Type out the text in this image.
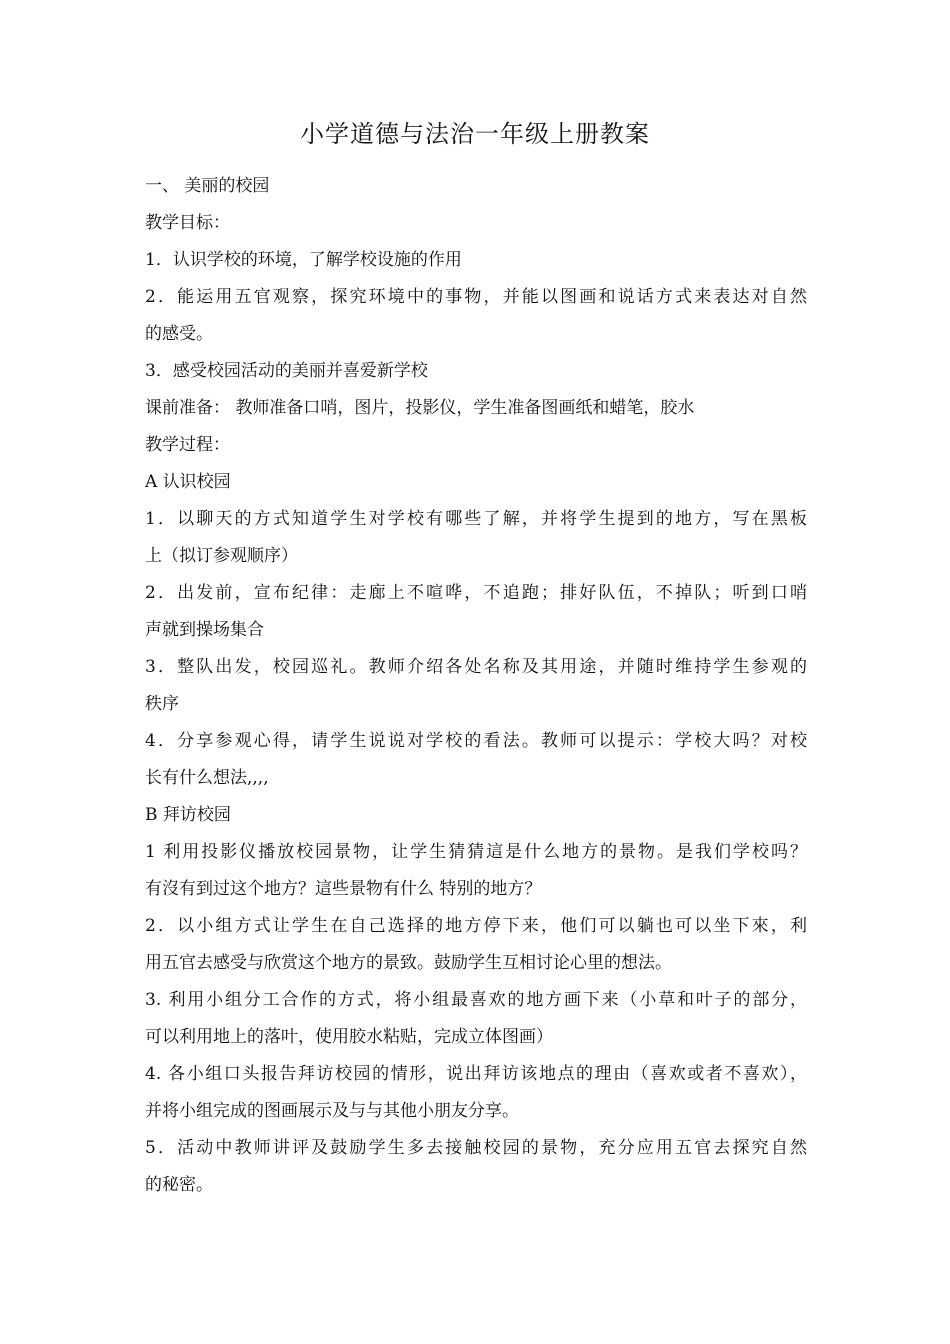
小学道德与法治一年级上册教案
一、 美丽的校园
教学目标：
1．认识学校的环境，了解学校设施的作用
2．能运用五官观察，探究环境中的事物，并能以图画和说话方式来表达对自然
的感受。
3．感受校园活动的美丽并喜爱新学校
课前准备： 教师准备口哨，图片，投影仪，学生准备图画纸和蜡笔，胶水
教学过程：
A 认识校园
1．以聊天的方式知道学生对学校有哪些了解，并将学生提到的地方，写在黑板
上（拟订参观顺序）
2．出发前，宣布纪律：走廊上不喧哗，不追跑；排好队伍，不掉队；听到口哨
声就到操场集合
3．整队出发，校园巡礼。教师介绍各处名称及其用途，并随时维持学生参观的
秩序
4．分享参观心得，请学生说说对学校的看法。教师可以提示：学校大吗？对校
长有什么想法,,,,
B 拜访校园
1 利用投影仪播放校园景物，让学生猜猜這是什么地方的景物。是我们学校吗？
有沒有到过这个地方？這些景物有什么 特别的地方？
2．以小组方式让学生在自己选择的地方停下来，他们可以躺也可以坐下來，利
用五官去感受与欣赏这个地方的景致。鼓励学生互相讨论心里的想法。
3. 利用小组分工合作的方式，将小组最喜欢的地方画下来（小草和叶子的部分，
可以利用地上的落叶，使用胶水粘贴，完成立体图画）
4. 各小组口头报告拜访校园的情形，说出拜访该地点的理由（喜欢或者不喜欢），
并将小组完成的图画展示及与与其他小朋友分享。
5．活动中教师讲评及鼓励学生多去接触校园的景物，充分应用五官去探究自然
的秘密。
